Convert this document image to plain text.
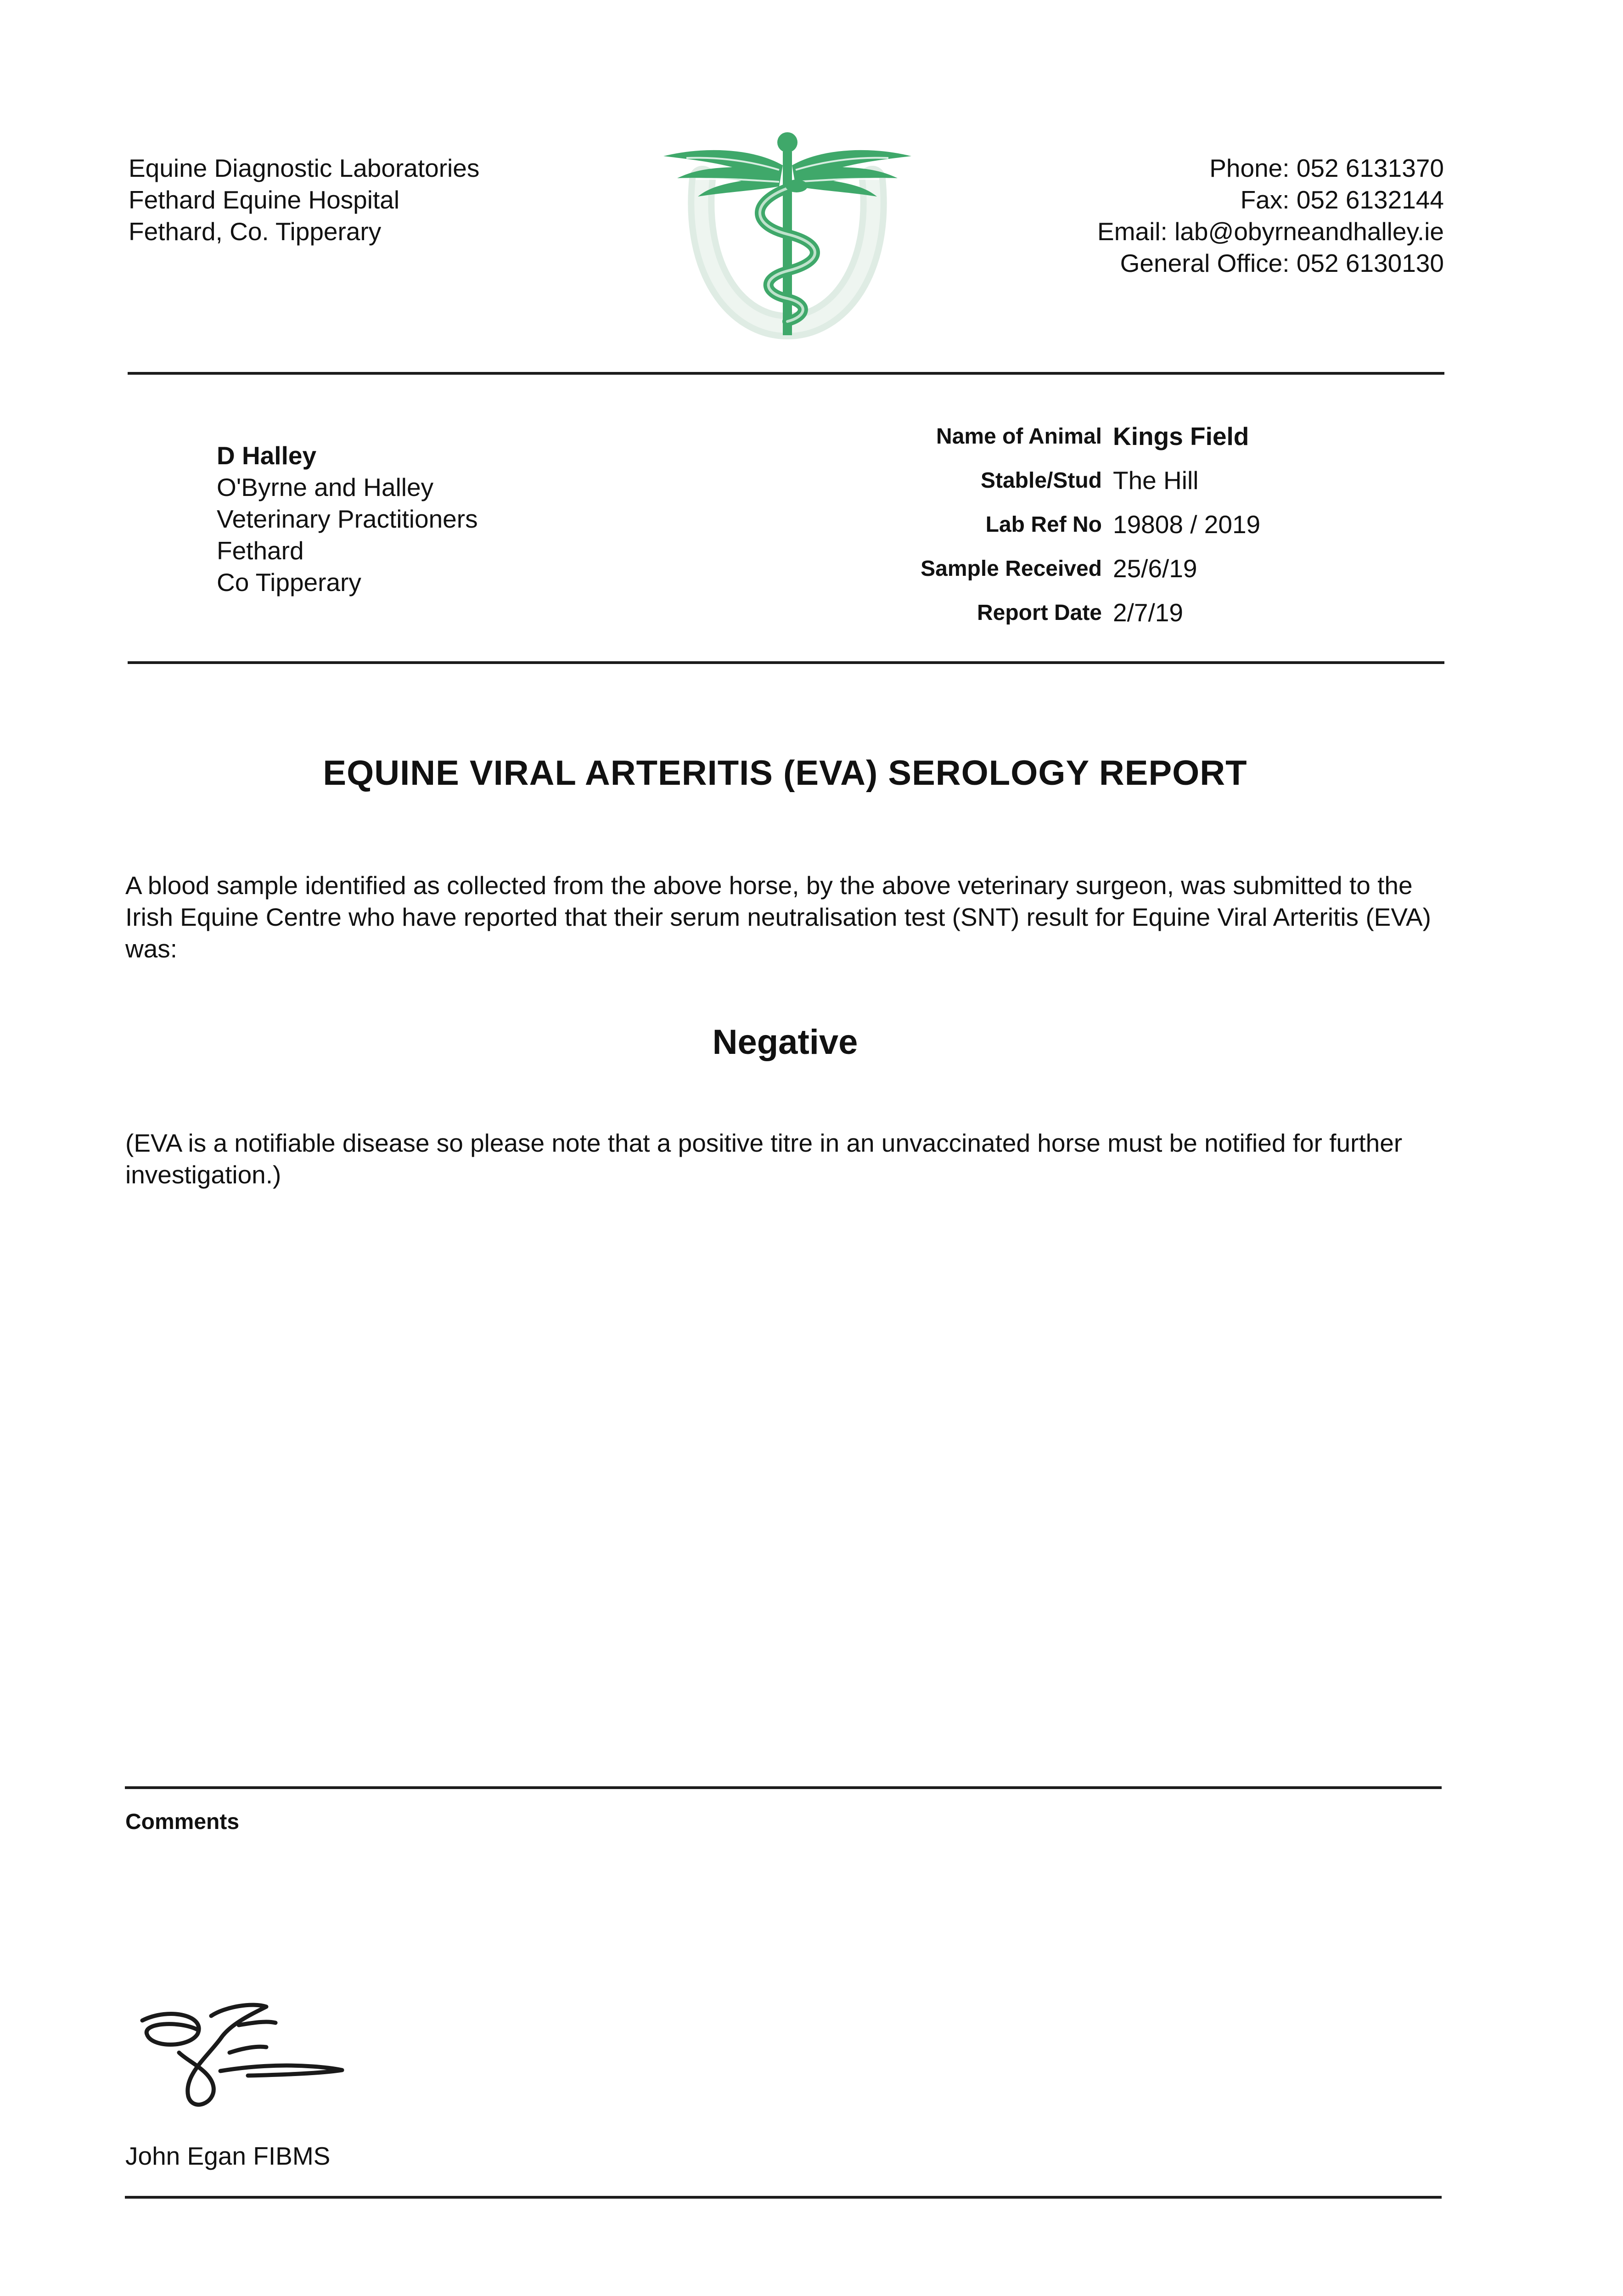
Equine Diagnostic Laboratories
Fethard Equine Hospital
Fethard, Co. Tipperary
Phone: 052 6131370
Fax: 052 6132144
Email: lab@obyrneandhalley.ie
General Office: 052 6130130
D Halley
O'Byrne and Halley
Veterinary Practitioners
Fethard
Co Tipperary
Name of Animal Kings Field
Stable/Stud The Hill
Lab Ref No 19808 / 2019
Sample Received 25/6/19
Report Date 2/7/19
EQUINE VIRAL ARTERITIS (EVA) SEROLOGY REPORT
A blood sample identified as collected from the above horse, by the above veterinary surgeon, was submitted to the Irish Equine Centre who have reported that their serum neutralisation test (SNT) result for Equine Viral Arteritis (EVA) was:
Negative
(EVA is a notifiable disease so please note that a positive titre in an unvaccinated horse must be notified for further investigation.)
Comments
John Egan FIBMS
